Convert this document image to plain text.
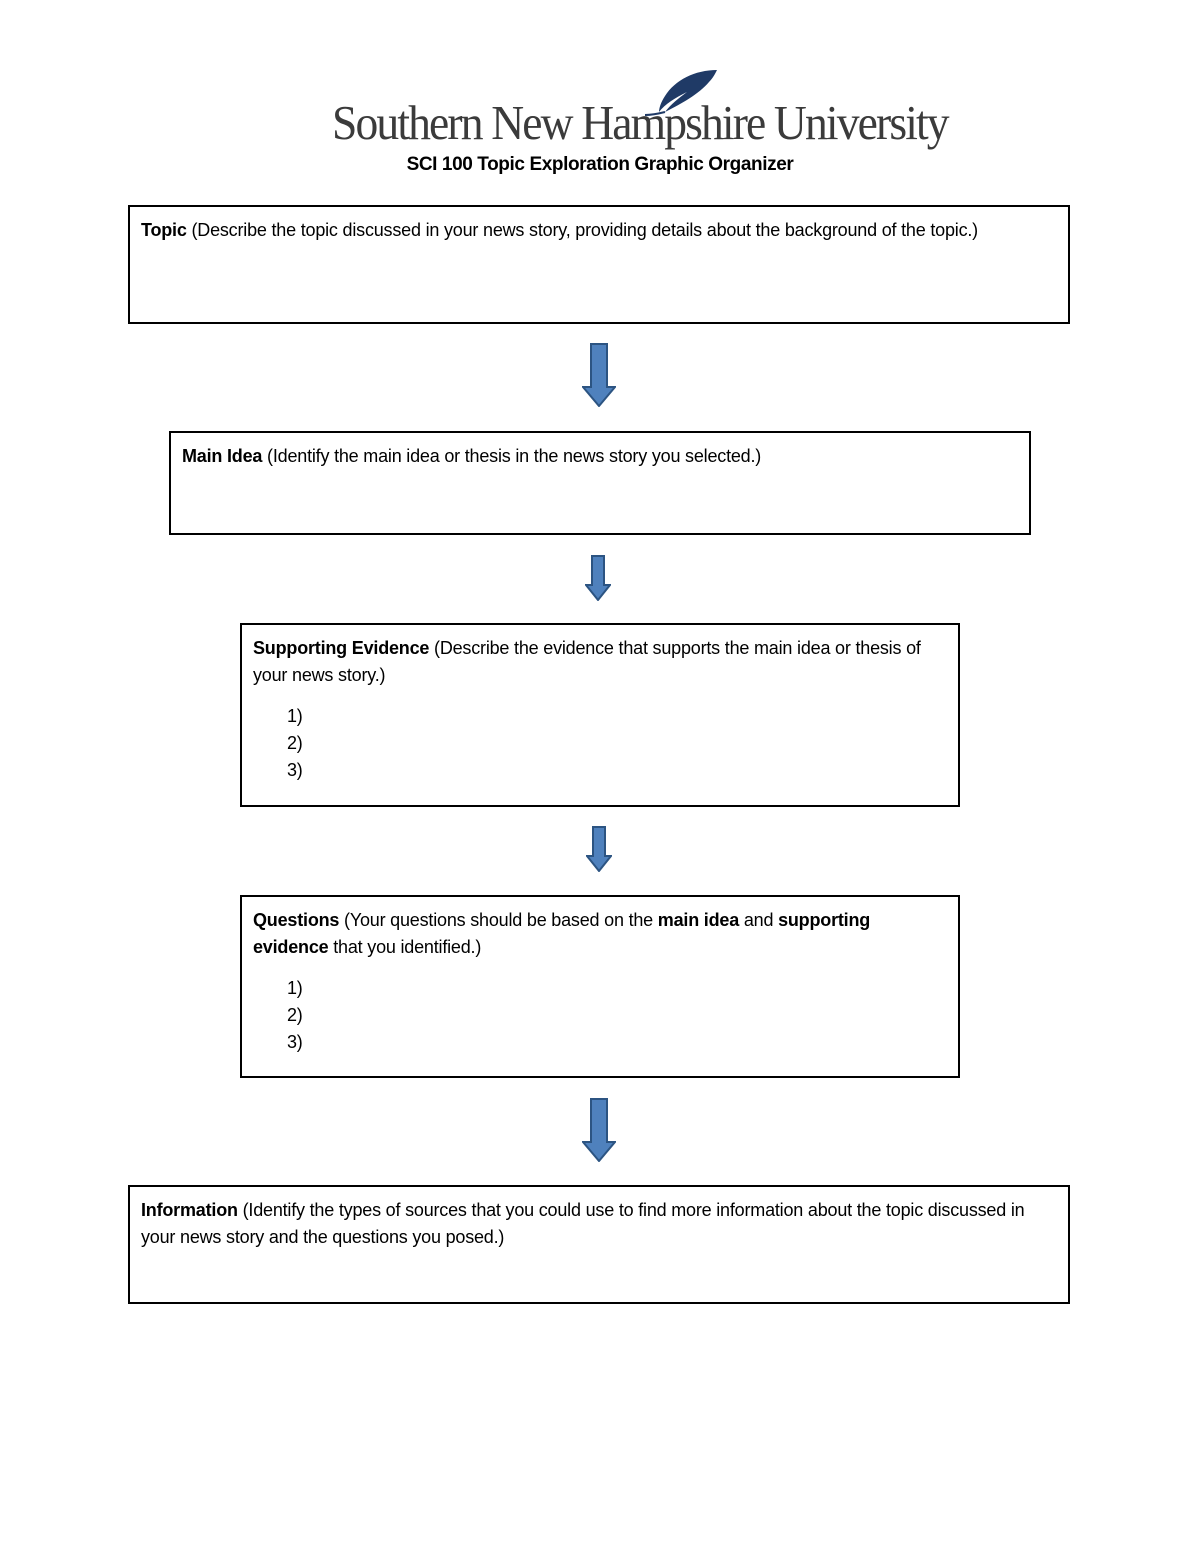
Southern New Hampshire University
SCI 100 Topic Exploration Graphic Organizer

Topic (Describe the topic discussed in your news story, providing details about the background of the topic.)

Main Idea (Identify the main idea or thesis in the news story you selected.)

Supporting Evidence (Describe the evidence that supports the main idea or thesis of your news story.)

1)
2)
3)

Questions (Your questions should be based on the main idea and supporting evidence that you identified.)

1)
2)
3)

Information (Identify the types of sources that you could use to find more information about the topic discussed in your news story and the questions you posed.)
